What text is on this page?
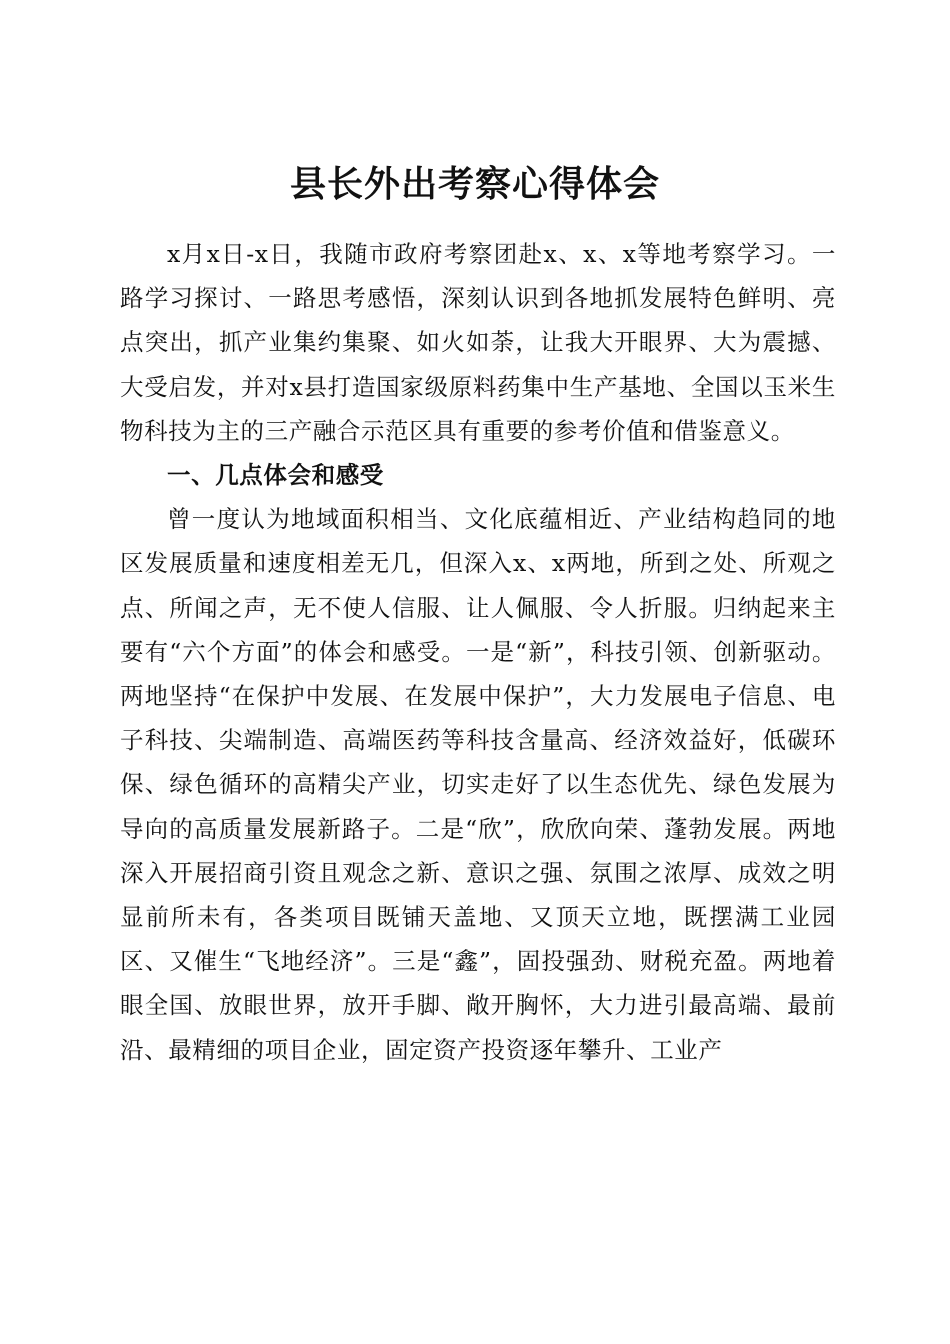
县长外出考察心得体会

x月x日-x日，我随市政府考察团赴x、x、x等地考察学习。一路学习探讨、一路思考感悟，深刻认识到各地抓发展特色鲜明、亮点突出，抓产业集约集聚、如火如荼，让我大开眼界、大为震撼、大受启发，并对x县打造国家级原料药集中生产基地、全国以玉米生物科技为主的三产融合示范区具有重要的参考价值和借鉴意义。

一、几点体会和感受

曾一度认为地域面积相当、文化底蕴相近、产业结构趋同的地区发展质量和速度相差无几，但深入x、x两地，所到之处、所观之点、所闻之声，无不使人信服、让人佩服、令人折服。归纳起来主要有“六个方面”的体会和感受。一是“新”，科技引领、创新驱动。两地坚持“在保护中发展、在发展中保护”，大力发展电子信息、电子科技、尖端制造、高端医药等科技含量高、经济效益好，低碳环保、绿色循环的高精尖产业，切实走好了以生态优先、绿色发展为导向的高质量发展新路子。二是“欣”，欣欣向荣、蓬勃发展。两地深入开展招商引资且观念之新、意识之强、氛围之浓厚、成效之明显前所未有，各类项目既铺天盖地、又顶天立地，既摆满工业园区、又催生“飞地经济”。三是“鑫”，固投强劲、财税充盈。两地着眼全国、放眼世界，放开手脚、敞开胸怀，大力进引最高端、最前沿、最精细的项目企业，固定资产投资逐年攀升、工业产
